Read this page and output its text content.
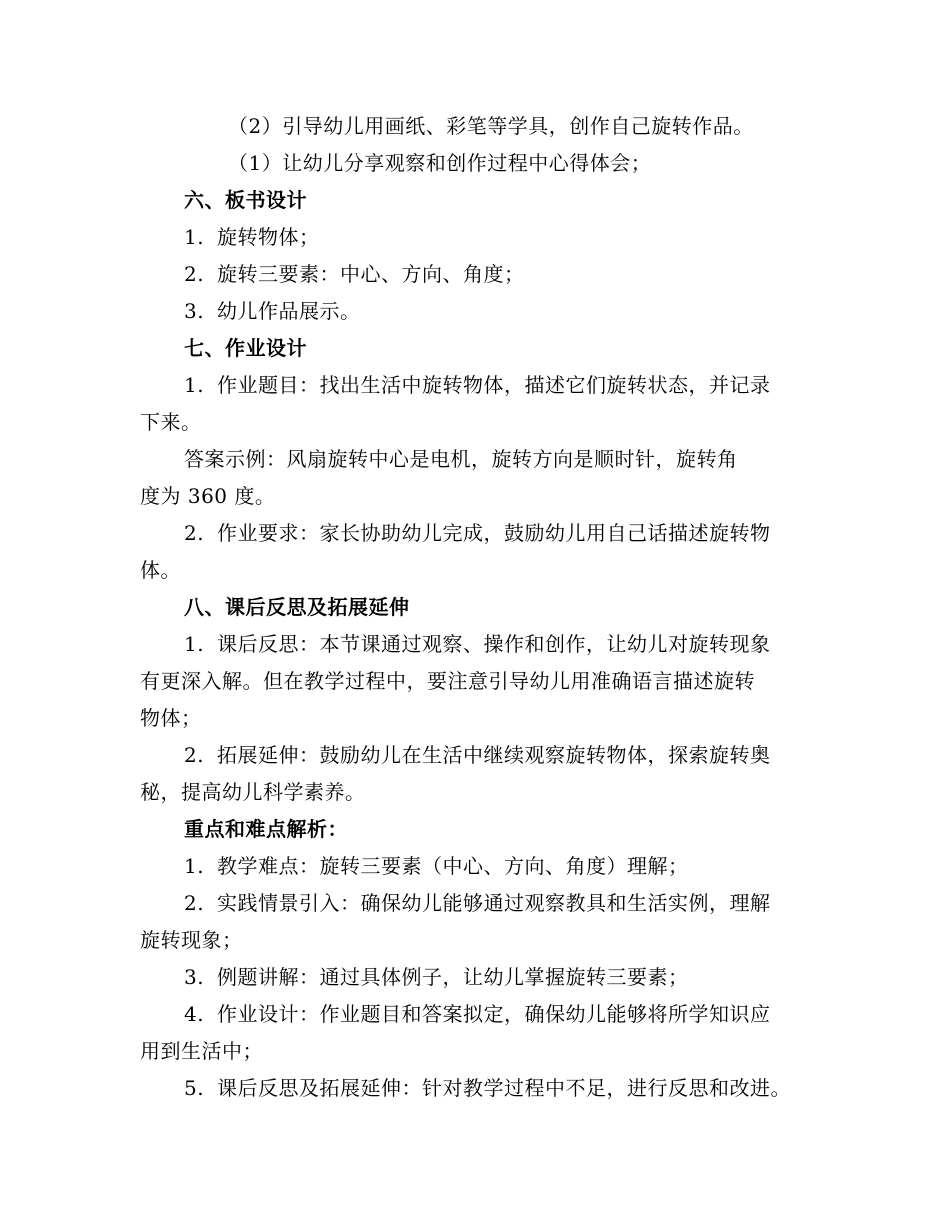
（2）引导幼儿用画纸、彩笔等学具，创作自己旋转作品。
（1）让幼儿分享观察和创作过程中心得体会；
六、板书设计
1. 旋转物体；
2. 旋转三要素：中心、方向、角度；
3. 幼儿作品展示。
七、作业设计
1. 作业题目：找出生活中旋转物体，描述它们旋转状态，并记录
下来。
答案示例：风扇旋转中心是电机，旋转方向是顺时针，旋转角
度为 360 度。
2. 作业要求：家长协助幼儿完成，鼓励幼儿用自己话描述旋转物
体。
八、课后反思及拓展延伸
1. 课后反思：本节课通过观察、操作和创作，让幼儿对旋转现象
有更深入解。但在教学过程中，要注意引导幼儿用准确语言描述旋转
物体；
2. 拓展延伸：鼓励幼儿在生活中继续观察旋转物体，探索旋转奥
秘，提高幼儿科学素养。
重点和难点解析：
1. 教学难点：旋转三要素（中心、方向、角度）理解；
2. 实践情景引入：确保幼儿能够通过观察教具和生活实例，理解
旋转现象；
3. 例题讲解：通过具体例子，让幼儿掌握旋转三要素；
4. 作业设计：作业题目和答案拟定，确保幼儿能够将所学知识应
用到生活中；
5. 课后反思及拓展延伸：针对教学过程中不足，进行反思和改进。
